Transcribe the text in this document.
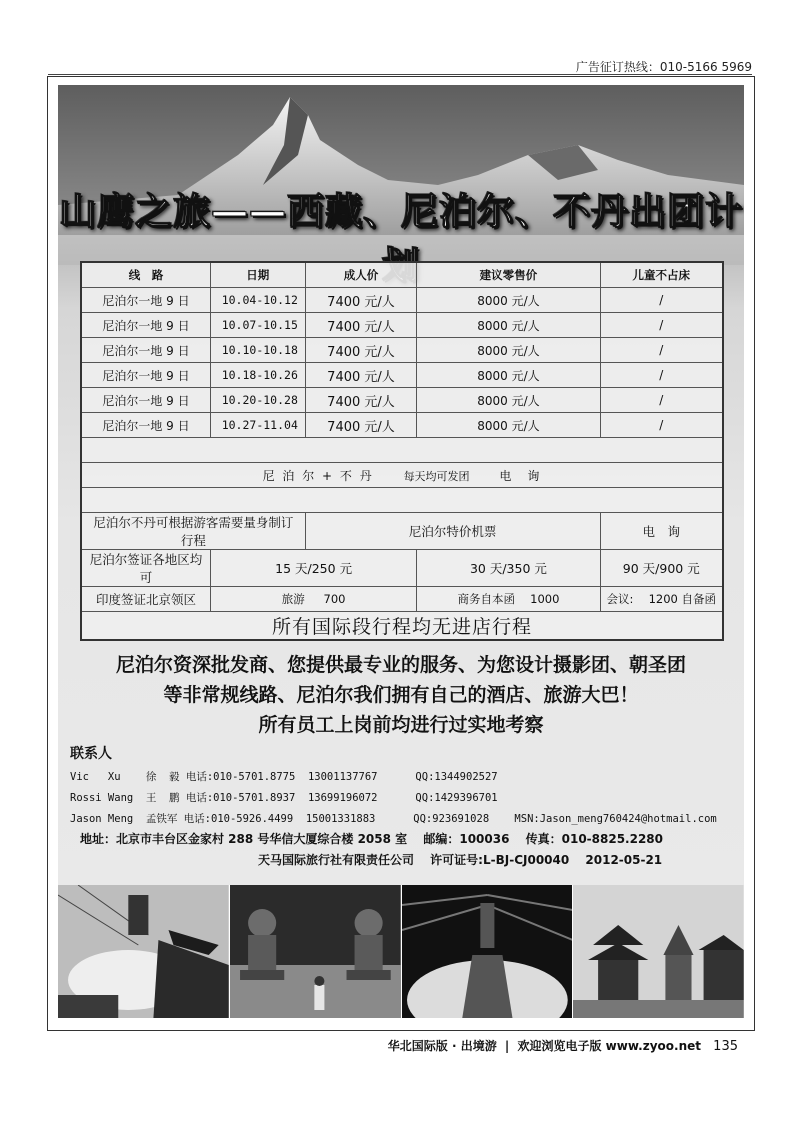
广告征订热线：010-5166 5969
山鹰之旅——西藏、尼泊尔、不丹出团计
线　路	日期	成人价	建议零售价	儿童不占床
尼泊尔一地 9 日	10.04-10.12	7400 元/人	8000 元/人	/
尼泊尔一地 9 日	10.07-10.15	7400 元/人	8000 元/人	/
尼泊尔一地 9 日	10.10-10.18	7400 元/人	8000 元/人	/
尼泊尔一地 9 日	10.18-10.26	7400 元/人	8000 元/人	/
尼泊尔一地 9 日	10.20-10.28	7400 元/人	8000 元/人	/
尼泊尔一地 9 日	10.27-11.04	7400 元/人	8000 元/人	/

尼 泊 尔 + 不 丹 每天均可发团 电　询				

尼泊尔不丹可根据游客需要量身制订行程		尼泊尔特价机票		电　询
尼泊尔签证各地区均可	15 天/250 元		30 天/350 元	90 天/900 元
印度签证北京领区	旅游　  700		商务自本函　 1000	会议:　 1200 自备函
所有国际段行程均无进店行程				
尼泊尔资深批发商、您提供最专业的服务、为您设计摄影团、朝圣团
等非常规线路、尼泊尔我们拥有自己的酒店、旅游大巴！
所有员工上岗前均进行过实地考察
联系人
Vic   Xu    徐  毅 电话:010-5701.8775  13001137767      QQ:1344902527
Rossi Wang  王  鹏 电话:010-5701.8937  13699196072      QQ:1429396701
Jason Meng  孟铁军 电话:010-5926.4499  15001331883      QQ:923691028    MSN:Jason_meng760424@hotmail.com
地址：北京市丰台区金家村 288 号华信大厦综合楼 2058 室　 邮编：100036　 传真：010-8825.2280
天马国际旅行社有限责任公司　 许可证号:L-BJ-CJ00040　 2012-05-21
华北国际版 · 出境游 | 欢迎浏览电子版 www.zyoo.net 135
